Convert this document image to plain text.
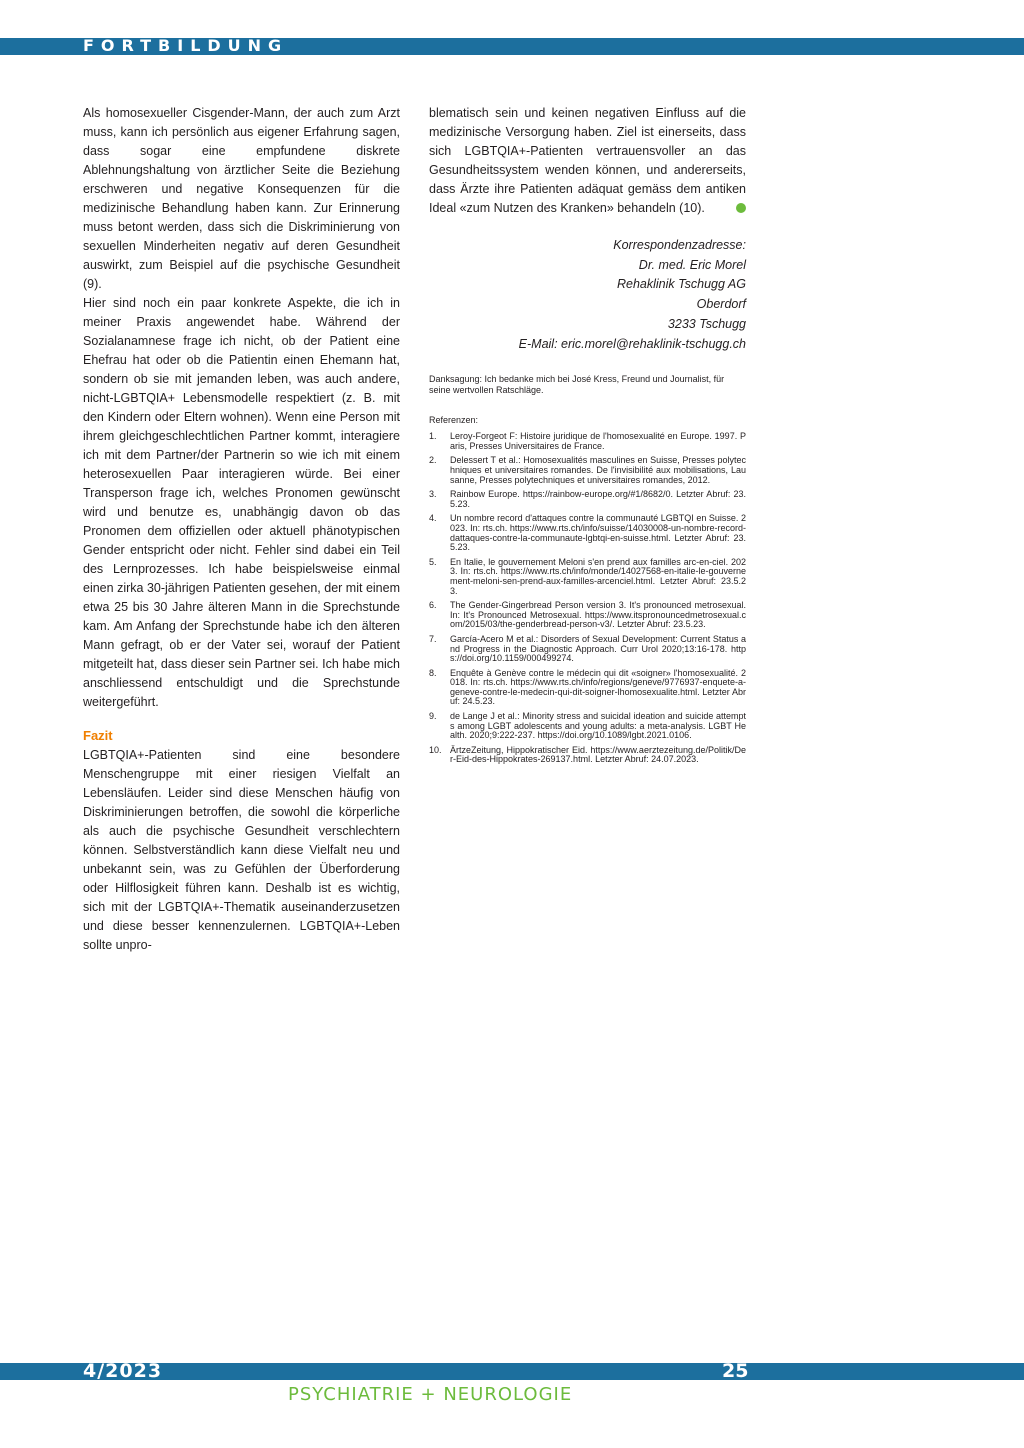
FORTBILDUNG

Als homosexueller Cisgender-Mann, der auch zum Arzt muss, kann ich persönlich aus eigener Erfahrung sagen, dass sogar eine empfundene diskrete Ablehnungshaltung von ärztlicher Seite die Beziehung erschweren und negative Konsequenzen für die medizinische Behandlung haben kann. Zur Erinnerung muss betont werden, dass sich die Diskriminierung von sexuellen Minderheiten negativ auf deren Gesundheit auswirkt, zum Beispiel auf die psychische Gesundheit (9).

Hier sind noch ein paar konkrete Aspekte, die ich in meiner Praxis angewendet habe. Während der Sozialanamnese frage ich nicht, ob der Patient eine Ehefrau hat oder ob die Patientin einen Ehemann hat, sondern ob sie mit jemanden leben, was auch andere, nicht-LGBTQIA+ Lebensmodelle respektiert (z. B. mit den Kindern oder Eltern wohnen). Wenn eine Person mit ihrem gleichgeschlechtlichen Partner kommt, interagiere ich mit dem Partner/der Partnerin so wie ich mit einem heterosexuellen Paar interagieren würde. Bei einer Transperson frage ich, welches Pronomen gewünscht wird und benutze es, unabhängig davon ob das Pronomen dem offiziellen oder aktuell phänotypischen Gender entspricht oder nicht. Fehler sind dabei ein Teil des Lernprozesses. Ich habe beispielsweise einmal einen zirka 30-jährigen Patienten gesehen, der mit einem etwa 25 bis 30 Jahre älteren Mann in die Sprechstunde kam. Am Anfang der Sprechstunde habe ich den älteren Mann gefragt, ob er der Vater sei, worauf der Patient mitgeteilt hat, dass dieser sein Partner sei. Ich habe mich anschliessend entschuldigt und die Sprechstunde weitergeführt.

Fazit

LGBTQIA+-Patienten sind eine besondere Menschengruppe mit einer riesigen Vielfalt an Lebensläufen. Leider sind diese Menschen häufig von Diskriminierungen betroffen, die sowohl die körperliche als auch die psychische Gesundheit verschlechtern können. Selbstverständlich kann diese Vielfalt neu und unbekannt sein, was zu Gefühlen der Überforderung oder Hilflosigkeit führen kann. Deshalb ist es wichtig, sich mit der LGBTQIA+-Thematik auseinanderzusetzen und diese besser kennenzulernen. LGBTQIA+-Leben sollte unpro-

blematisch sein und keinen negativen Einfluss auf die medizinische Versorgung haben. Ziel ist einerseits, dass sich LGBTQIA+-Patienten vertrauensvoller an das Gesundheitssystem wenden können, und andererseits, dass Ärzte ihre Patienten adäquat gemäss dem antiken Ideal «zum Nutzen des Kranken» behandeln (10).

Korrespondenzadresse:
Dr. med. Eric Morel
Rehaklinik Tschugg AG
Oberdorf
3233 Tschugg
E-Mail: eric.morel@rehaklinik-tschugg.ch
Danksagung: Ich bedanke mich bei José Kress, Freund und Journalist, für seine wertvollen Ratschläge.
Referenzen:
1. Leroy-Forgeot F: Histoire juridique de l'homosexualité en Europe. 1997. Paris, Presses Universitaires de France.
2. Delessert T et al.: Homosexualités masculines en Suisse, Presses polytechniques et universitaires romandes. De l'invisibilité aux mobilisations, Lausanne, Presses polytechniques et universitaires romandes, 2012.
3. Rainbow Europe. https://rainbow-europe.org/#1/8682/0. Letzter Abruf: 23.5.23.
4. Un nombre record d'attaques contre la communauté LGBTQI en Suisse. 2023. In: rts.ch. https://www.rts.ch/info/suisse/14030008-un-nombre-record-dattaques-contre-la-communaute-lgbtqi-en-suisse.html. Letzter Abruf: 23.5.23.
5. En Italie, le gouvernement Meloni s'en prend aux familles arc-en-ciel. 2023. In: rts.ch. https://www.rts.ch/info/monde/14027568-en-italie-le-gouvernement-meloni-sen-prend-aux-familles-arcenciel.html. Letzter Abruf: 23.5.23.
6. The Gender-Gingerbread Person version 3. It's pronounced metrosexual. In: It's Pronounced Metrosexual. https://www.itspronouncedmetrosexual.com/2015/03/the-genderbread-person-v3/. Letzter Abruf: 23.5.23.
7. García-Acero M et al.: Disorders of Sexual Development: Current Status and Progress in the Diagnostic Approach. Curr Urol 2020;13:16-178. https://doi.org/10.1159/000499274.
8. Enquête à Genève contre le médecin qui dit «soigner» l'homosexualité. 2018. In: rts.ch. https://www.rts.ch/info/regions/geneve/9776937-enquete-a-geneve-contre-le-medecin-qui-dit-soigner-lhomosexualite.html. Letzter Abruf: 24.5.23.
9. de Lange J et al.: Minority stress and suicidal ideation and suicide attempts among LGBT adolescents and young adults: a meta-analysis. LGBT Health. 2020;9:222-237. https://doi.org/10.1089/lgbt.2021.0106.
10. ÄrtzeZeitung, Hippokratischer Eid. https://www.aerztezeitung.de/Politik/Der-Eid-des-Hippokrates-269137.html. Letzter Abruf: 24.07.2023.
4/2023	25
PSYCHIATRIE + NEUROLOGIE
